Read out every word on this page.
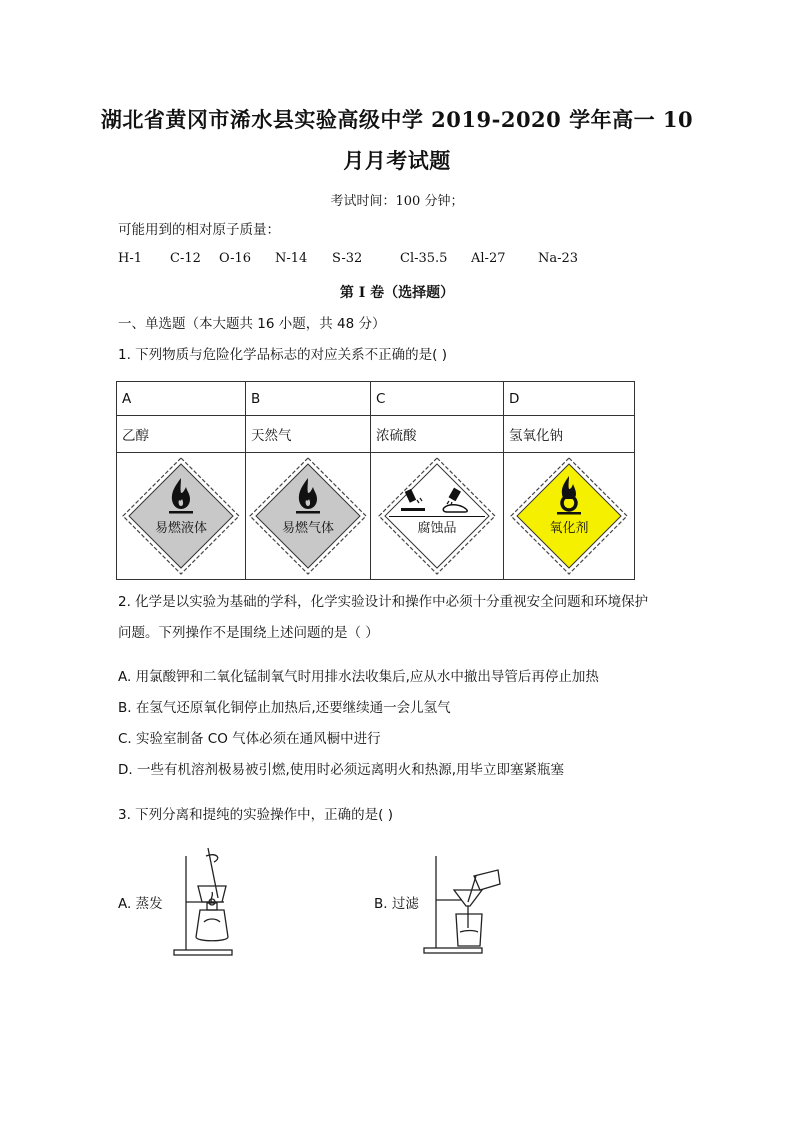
湖北省黄冈市浠水县实验高级中学 2019-2020 学年高一 10
月月考试题
考试时间：100 分钟；
可能用到的相对原子质量：
H-1 C-12 O-16 N-14 S-32	Cl-35.5 Al-27	Na-23
第 I 卷（选择题）
一、单选题（本大题共 16 小题，共 48 分）
1. 下列物质与危险化学品标志的对应关系不正确的是( )
A	B	C	D
乙醇	天然气	浓硫酸	氢氧化钠

易燃液体	易燃气体	腐蚀品	氧化剂
2. 化学是以实验为基础的学科，化学实验设计和操作中必须十分重视安全问题和环境保护
问题。下列操作不是围绕上述问题的是（ ）
A. 用氯酸钾和二氧化锰制氧气时用排水法收集后,应从水中撤出导管后再停止加热
B. 在氢气还原氧化铜停止加热后,还要继续通一会儿氢气
C. 实验室制备 CO 气体必须在通风橱中进行
D. 一些有机溶剂极易被引燃,使用时必须远离明火和热源,用毕立即塞紧瓶塞
3. 下列分离和提纯的实验操作中，正确的是( )
A. 蒸发	B. 过滤
